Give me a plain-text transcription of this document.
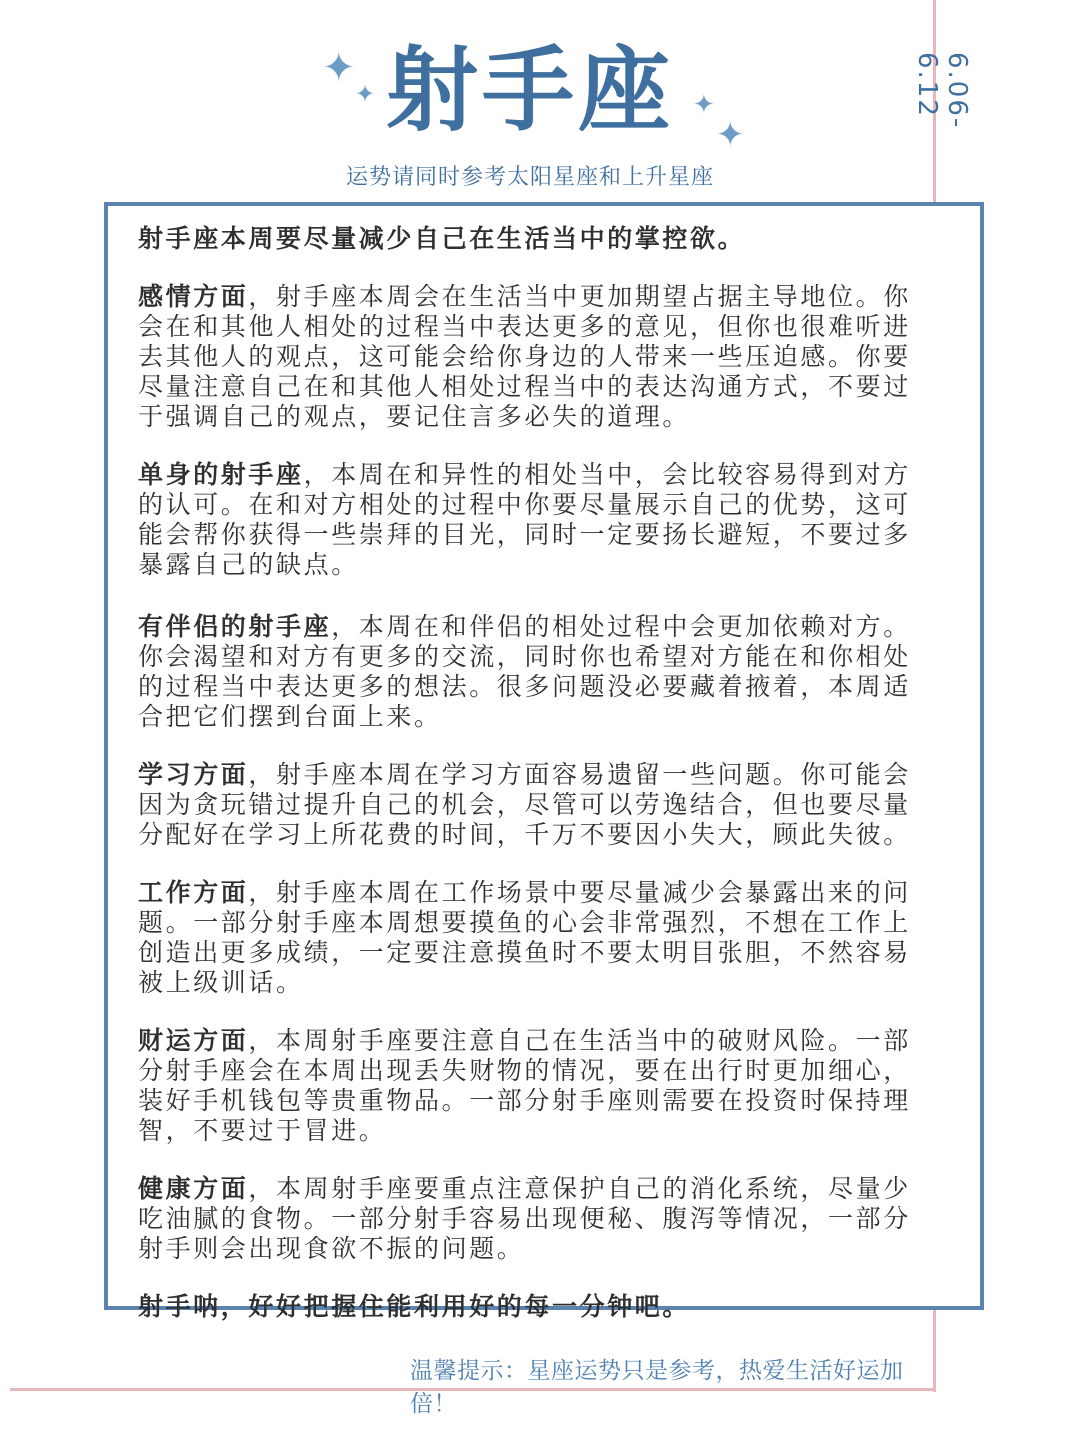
✦
✦ 射手座 ✦
✦
运势请同时参考太阳星座和上升星座
6.06-6.12

射手座本周要尽量减少自己在生活当中的掌控欲。

感情方面，射手座本周会在生活当中更加期望占据主导地位。你会在和其他人相处的过程当中表达更多的意见，但你也很难听进去其他人的观点，这可能会给你身边的人带来一些压迫感。你要尽量注意自己在和其他人相处过程当中的表达沟通方式，不要过于强调自己的观点，要记住言多必失的道理。

单身的射手座，本周在和异性的相处当中，会比较容易得到对方的认可。在和对方相处的过程中你要尽量展示自己的优势，这可能会帮你获得一些崇拜的目光，同时一定要扬长避短，不要过多暴露自己的缺点。

有伴侣的射手座，本周在和伴侣的相处过程中会更加依赖对方。你会渴望和对方有更多的交流，同时你也希望对方能在和你相处的过程当中表达更多的想法。很多问题没必要藏着掖着，本周适合把它们摆到台面上来。

学习方面，射手座本周在学习方面容易遗留一些问题。你可能会因为贪玩错过提升自己的机会，尽管可以劳逸结合，但也要尽量分配好在学习上所花费的时间，千万不要因小失大，顾此失彼。

工作方面，射手座本周在工作场景中要尽量减少会暴露出来的问题。一部分射手座本周想要摸鱼的心会非常强烈，不想在工作上创造出更多成绩，一定要注意摸鱼时不要太明目张胆，不然容易被上级训话。

财运方面，本周射手座要注意自己在生活当中的破财风险。一部分射手座会在本周出现丢失财物的情况，要在出行时更加细心，装好手机钱包等贵重物品。一部分射手座则需要在投资时保持理智，不要过于冒进。

健康方面，本周射手座要重点注意保护自己的消化系统，尽量少吃油腻的食物。一部分射手容易出现便秘、腹泻等情况，一部分射手则会出现食欲不振的问题。

射手呐，好好把握住能利用好的每一分钟吧。

温馨提示：星座运势只是参考，热爱生活好运加倍！
